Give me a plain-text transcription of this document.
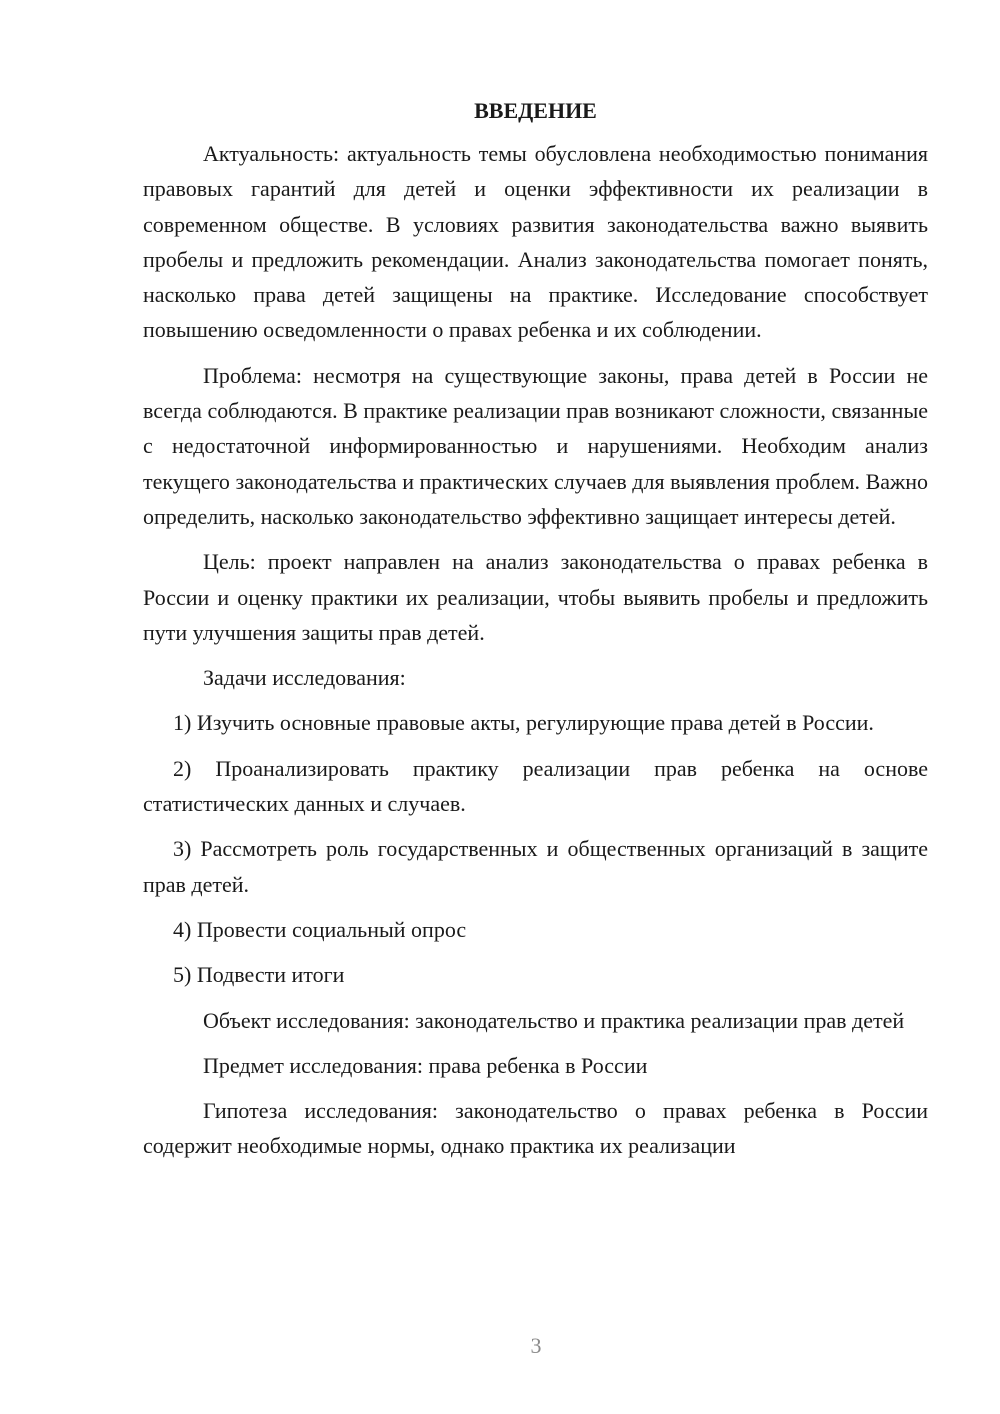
ВВЕДЕНИЕ

Актуальность: актуальность темы обусловлена необходимостью понимания правовых гарантий для детей и оценки эффективности их реализации в современном обществе. В условиях развития законодательства важно выявить пробелы и предложить рекомендации. Анализ законодательства помогает понять, насколько права детей защищены на практике. Исследование способствует повышению осведомленности о правах ребенка и их соблюдении.

Проблема: несмотря на существующие законы, права детей в России не всегда соблюдаются. В практике реализации прав возникают сложности, связанные с недостаточной информированностью и нарушениями. Необходим анализ текущего законодательства и практических случаев для выявления проблем. Важно определить, насколько законодательство эффективно защищает интересы детей.

Цель: проект направлен на анализ законодательства о правах ребенка в России и оценку практики их реализации, чтобы выявить пробелы и предложить пути улучшения защиты прав детей.

Задачи исследования:

1) Изучить основные правовые акты, регулирующие права детей в России.

2) Проанализировать практику реализации прав ребенка на основе статистических данных и случаев.

3) Рассмотреть роль государственных и общественных организаций в защите прав детей.

4) Провести социальный опрос

5) Подвести итоги

Объект исследования: законодательство и практика реализации прав детей

Предмет исследования: права ребенка в России

Гипотеза исследования: законодательство о правах ребенка в России содержит необходимые нормы, однако практика их реализации

3
